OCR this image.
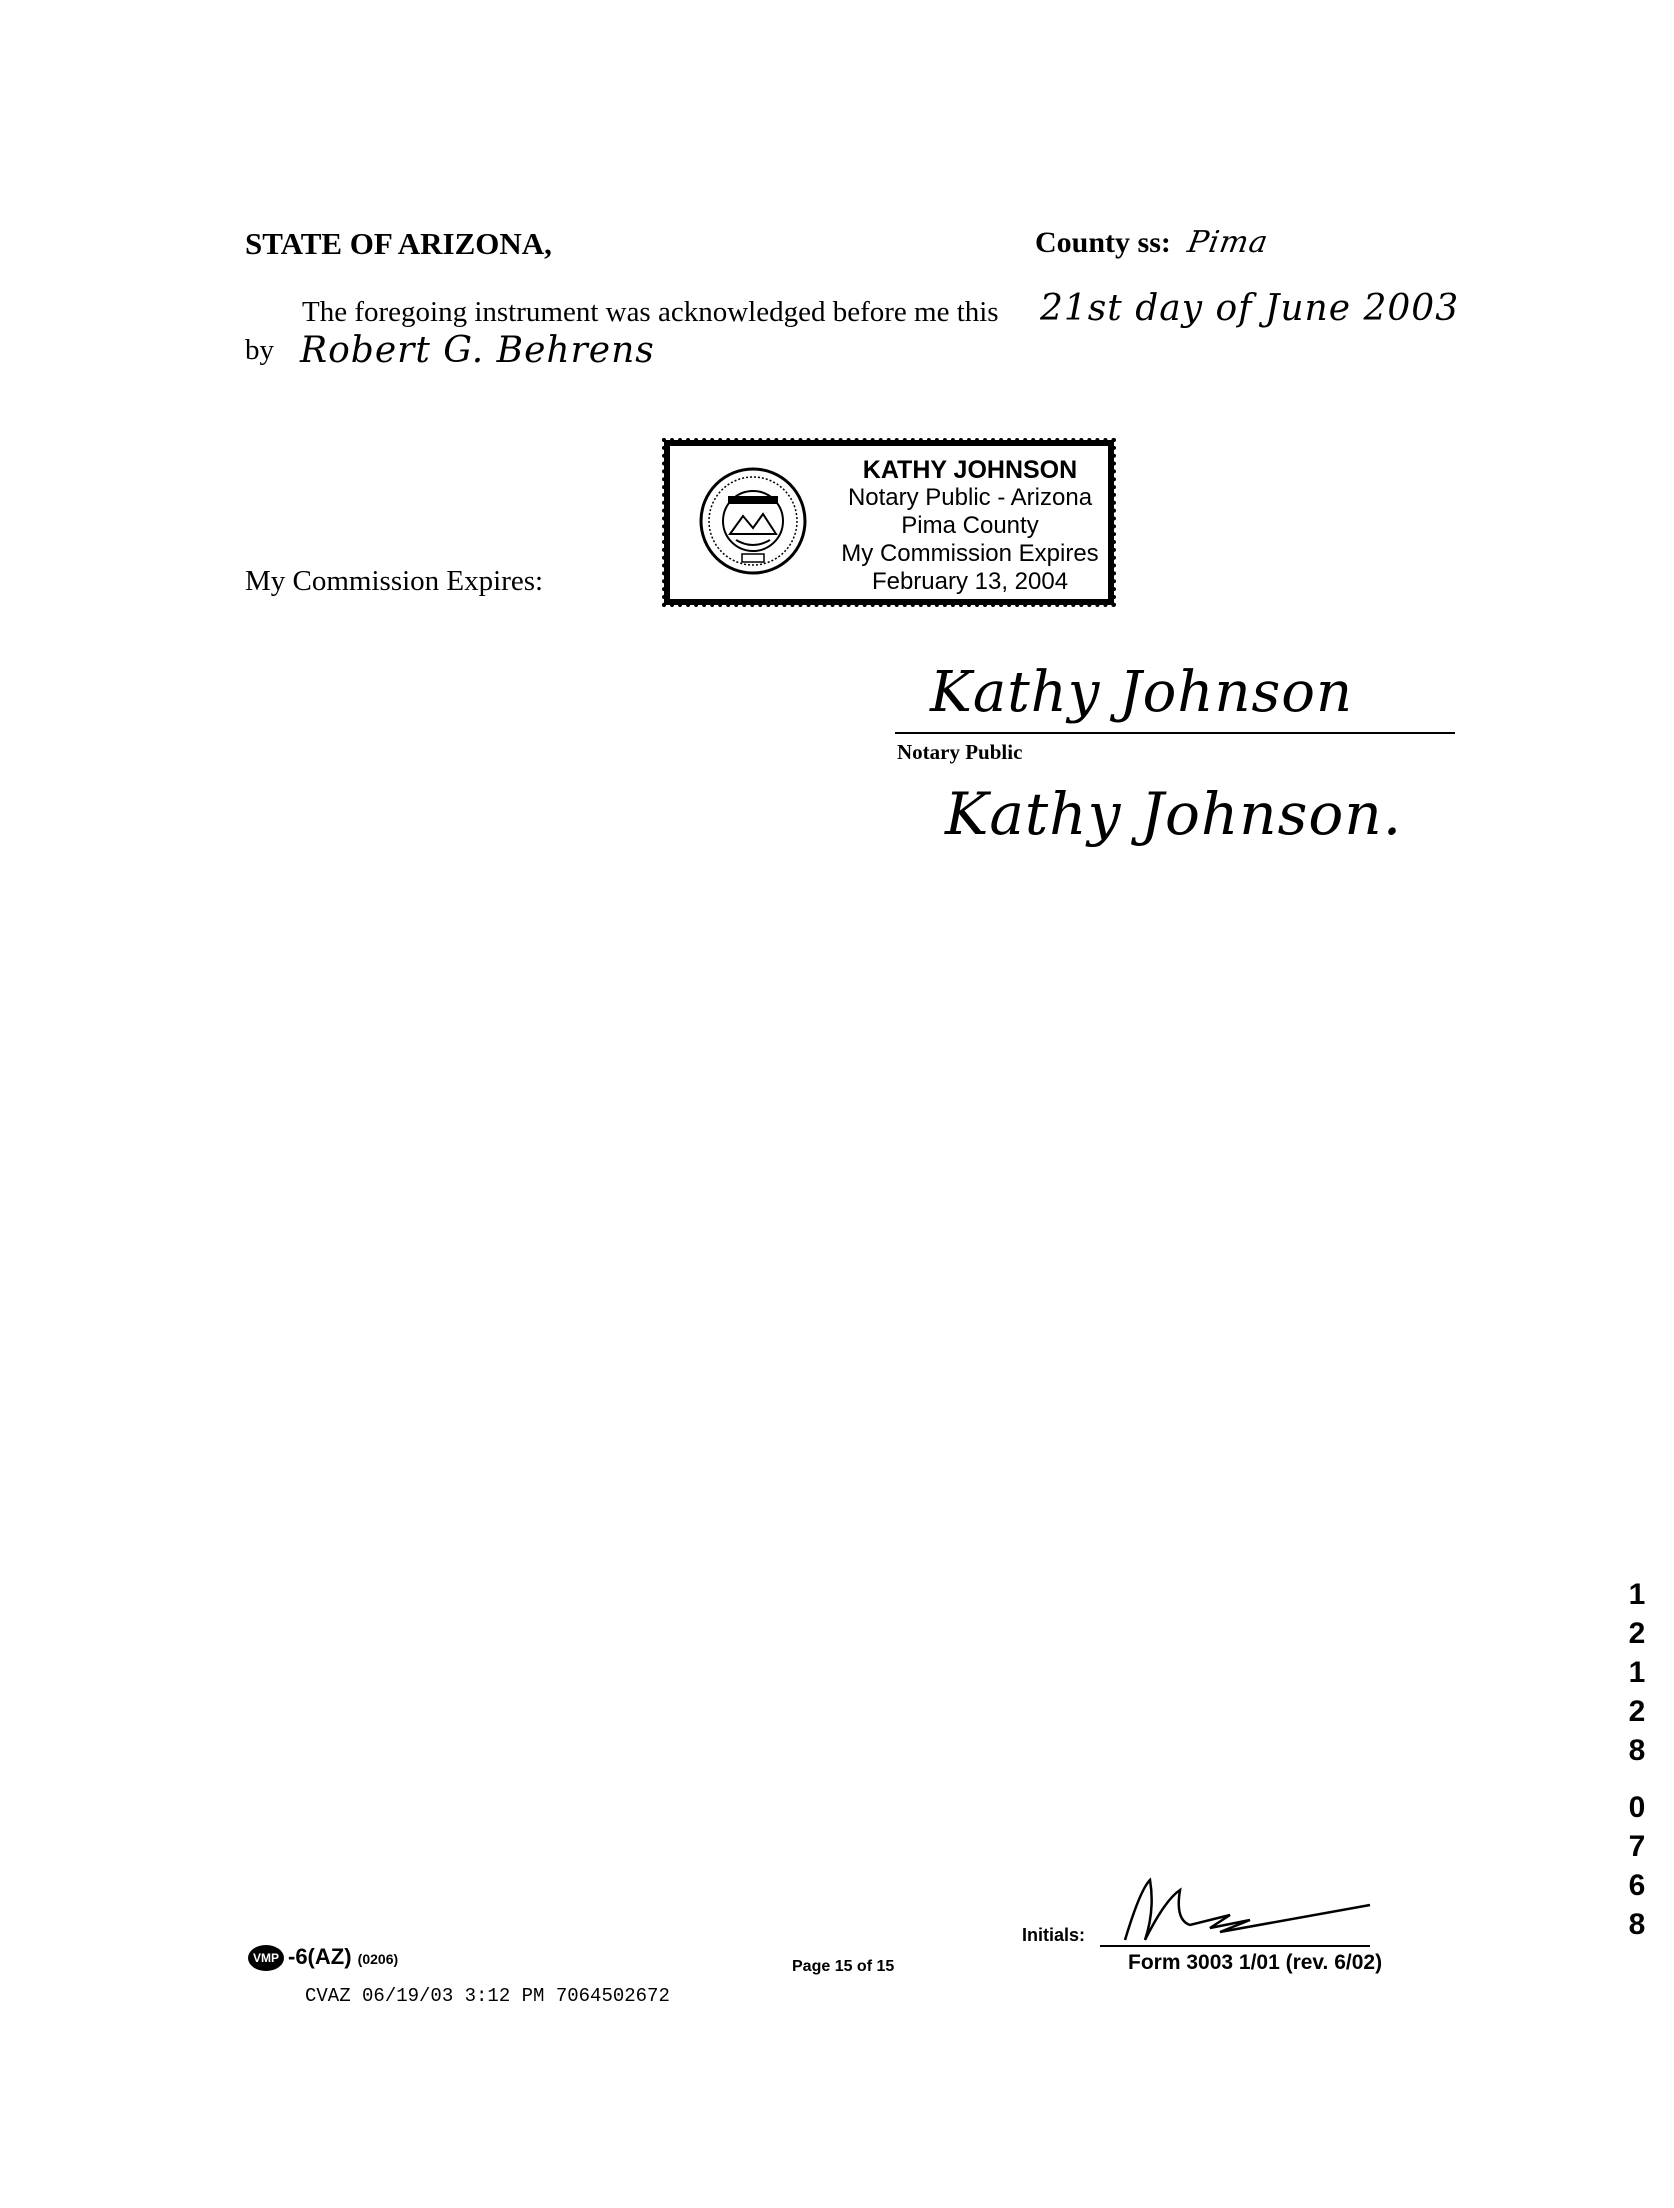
STATE OF ARIZONA,	County ss: Pima
The foregoing instrument was acknowledged before me this 21st day of June 2003
by Robert G. Behrens
My Commission Expires:
KATHY JOHNSON
Notary Public - Arizona
Pima County
My Commission Expires
February 13, 2004
Kathy Johnson
Notary Public
Kathy Johnson.
VMP -6(AZ) (0206)
CVAZ 06/19/03 3:12 PM 7064502672
Page 15 of 15
Initials:
Form 3003 1/01 (rev. 6/02)
1
2
1
2
8
0
7
6
8
